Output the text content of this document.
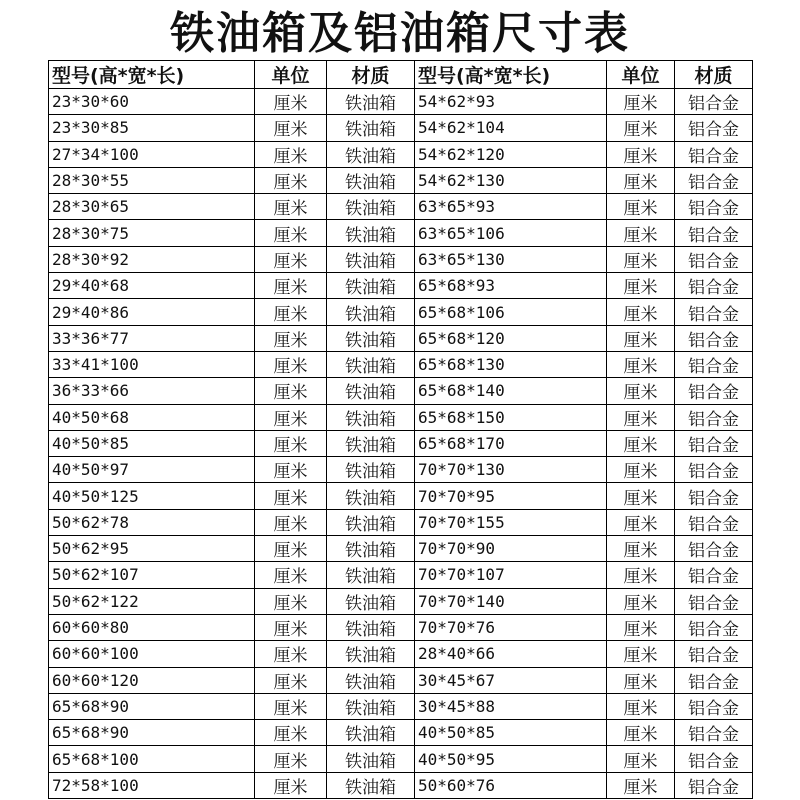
铁油箱及铝油箱尺寸表
型号(高*宽*长)	单位	材质	型号(高*宽*长)	单位	材质
23*30*60	厘米	铁油箱	54*62*93	厘米	铝合金
23*30*85	厘米	铁油箱	54*62*104	厘米	铝合金
27*34*100	厘米	铁油箱	54*62*120	厘米	铝合金
28*30*55	厘米	铁油箱	54*62*130	厘米	铝合金
28*30*65	厘米	铁油箱	63*65*93	厘米	铝合金
28*30*75	厘米	铁油箱	63*65*106	厘米	铝合金
28*30*92	厘米	铁油箱	63*65*130	厘米	铝合金
29*40*68	厘米	铁油箱	65*68*93	厘米	铝合金
29*40*86	厘米	铁油箱	65*68*106	厘米	铝合金
33*36*77	厘米	铁油箱	65*68*120	厘米	铝合金
33*41*100	厘米	铁油箱	65*68*130	厘米	铝合金
36*33*66	厘米	铁油箱	65*68*140	厘米	铝合金
40*50*68	厘米	铁油箱	65*68*150	厘米	铝合金
40*50*85	厘米	铁油箱	65*68*170	厘米	铝合金
40*50*97	厘米	铁油箱	70*70*130	厘米	铝合金
40*50*125	厘米	铁油箱	70*70*95	厘米	铝合金
50*62*78	厘米	铁油箱	70*70*155	厘米	铝合金
50*62*95	厘米	铁油箱	70*70*90	厘米	铝合金
50*62*107	厘米	铁油箱	70*70*107	厘米	铝合金
50*62*122	厘米	铁油箱	70*70*140	厘米	铝合金
60*60*80	厘米	铁油箱	70*70*76	厘米	铝合金
60*60*100	厘米	铁油箱	28*40*66	厘米	铝合金
60*60*120	厘米	铁油箱	30*45*67	厘米	铝合金
65*68*90	厘米	铁油箱	30*45*88	厘米	铝合金
65*68*90	厘米	铁油箱	40*50*85	厘米	铝合金
65*68*100	厘米	铁油箱	40*50*95	厘米	铝合金
72*58*100	厘米	铁油箱	50*60*76	厘米	铝合金
